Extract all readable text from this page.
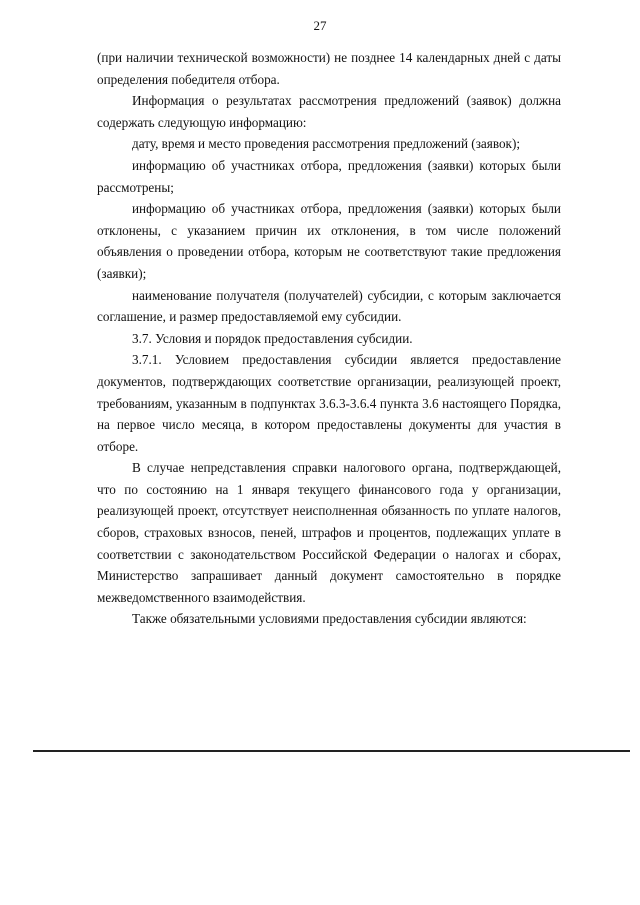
27

(при наличии технической возможности) не позднее 14 календарных дней с даты определения победителя отбора.

Информация о результатах рассмотрения предложений (заявок) должна содержать следующую информацию:

дату, время и место проведения рассмотрения предложений (заявок);

информацию об участниках отбора, предложения (заявки) которых были рассмотрены;

информацию об участниках отбора, предложения (заявки) которых были отклонены, с указанием причин их отклонения, в том числе положений объявления о проведении отбора, которым не соответствуют такие предложения (заявки);

наименование получателя (получателей) субсидии, с которым заключается соглашение, и размер предоставляемой ему субсидии.

3.7. Условия и порядок предоставления субсидии.

3.7.1. Условием предоставления субсидии является предоставление документов, подтверждающих соответствие организации, реализующей проект, требованиям, указанным в подпунктах 3.6.3-3.6.4 пункта 3.6 настоящего Порядка, на первое число месяца, в котором предоставлены документы для участия в отборе.

В случае непредставления справки налогового органа, подтверждающей, что по состоянию на 1 января текущего финансового года у организации, реализующей проект, отсутствует неисполненная обязанность по уплате налогов, сборов, страховых взносов, пеней, штрафов и процентов, подлежащих уплате в соответствии с законодательством Российской Федерации о налогах и сборах, Министерство запрашивает данный документ самостоятельно в порядке межведомственного взаимодействия.

Также обязательными условиями предоставления субсидии являются:
